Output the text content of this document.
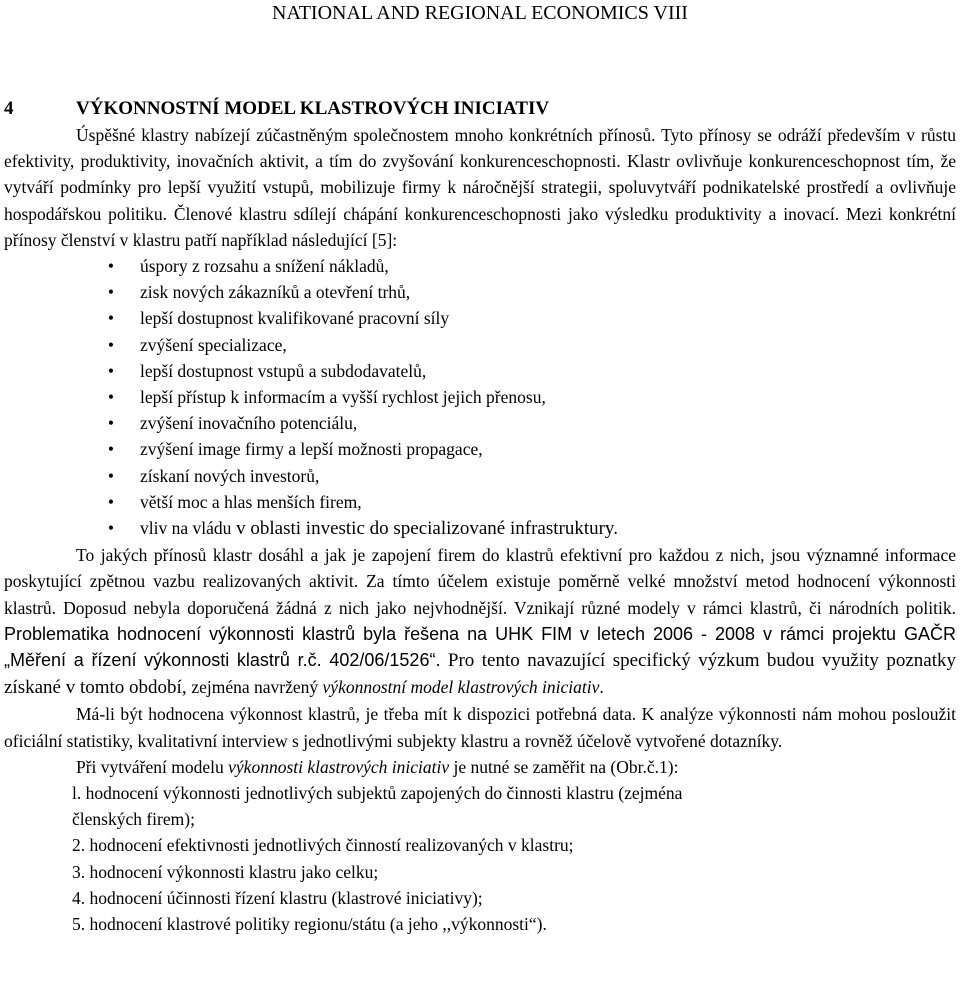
NATIONAL AND REGIONAL ECONOMICS VIII
4	VÝKONNOSTNÍ MODEL KLASTROVÝCH INICIATIV

Úspěšné klastry nabízejí zúčastněným společnostem mnoho konkrétních přínosů. Tyto přínosy se odráží především v růstu efektivity, produktivity, inovačních aktivit, a tím do zvyšování konkurenceschopnosti. Klastr ovlivňuje konkurenceschopnost tím, že vytváří podmínky pro lepší využití vstupů, mobilizuje firmy k náročnější strategii, spoluvytváří podnikatelské prostředí a ovlivňuje hospodářskou politiku. Členové klastru sdílejí chápání konkurenceschopnosti jako výsledku produktivity a inovací. Mezi konkrétní přínosy členství v klastru patří například následující [5]:

• úspory z rozsahu a snížení nákladů,
• zisk nových zákazníků a otevření trhů,
• lepší dostupnost kvalifikované pracovní síly
• zvýšení specializace,
• lepší dostupnost vstupů a subdodavatelů,
• lepší přístup k informacím a vyšší rychlost jejich přenosu,
• zvýšení inovačního potenciálu,
• zvýšení image firmy a lepší možnosti propagace,
• získaní nových investorů,
• větší moc a hlas menších firem,
• vliv na vládu v oblasti investic do specializované infrastruktury.

To jakých přínosů klastr dosáhl a jak je zapojení firem do klastrů efektivní pro každou z nich, jsou významné informace poskytující zpětnou vazbu realizovaných aktivit. Za tímto účelem existuje poměrně velké množství metod hodnocení výkonnosti klastrů. Doposud nebyla doporučená žádná z nich jako nejvhodnější. Vznikají různé modely v rámci klastrů, či národních politik. Problematika hodnocení výkonnosti klastrů byla řešena na UHK FIM v letech 2006 - 2008 v rámci projektu GAČR „Měření a řízení výkonnosti klastrů r.č. 402/06/1526“. Pro tento navazující specifický výzkum budou využity poznatky získané v tomto období, zejména navržený výkonnostní model klastrových iniciativ.

Má-li být hodnocena výkonnost klastrů, je třeba mít k dispozici potřebná data. K analýze výkonnosti nám mohou posloužit oficiální statistiky, kvalitativní interview s jednotlivými subjekty klastru a rovněž účelově vytvořené dotazníky.

Při vytváření modelu výkonnosti klastrových iniciativ je nutné se zaměřit na (Obr.č.1):

l. hodnocení výkonnosti jednotlivých subjektů zapojených do činnosti klastru (zejména
členských firem);
2. hodnocení efektivnosti jednotlivých činností realizovaných v klastru;
3. hodnocení výkonnosti klastru jako celku;
4. hodnocení účinnosti řízení klastru (klastrové iniciativy);
5. hodnocení klastrové politiky regionu/státu (a jeho ,,výkonnosti“).
